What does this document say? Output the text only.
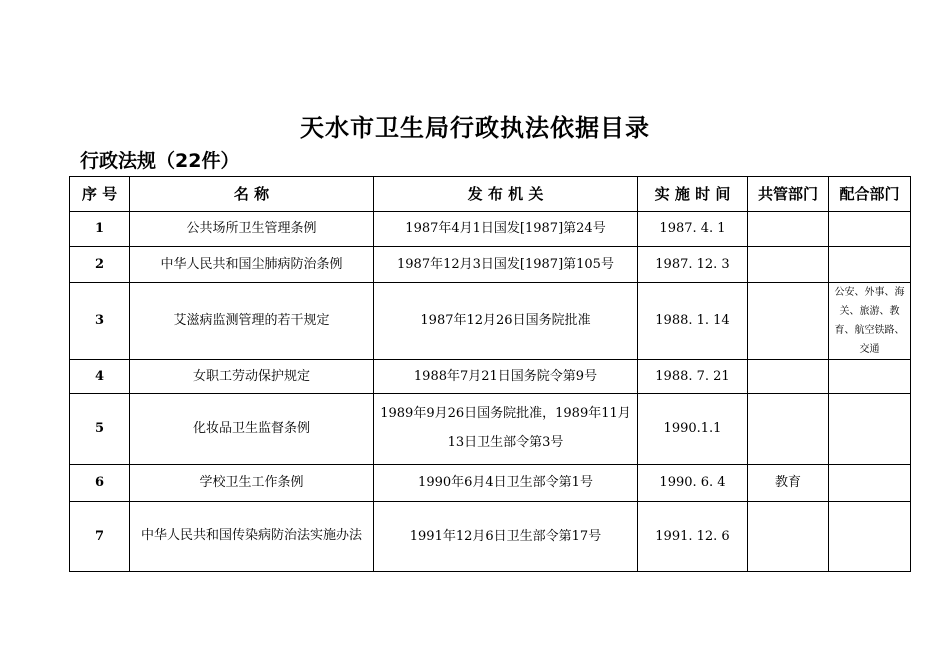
天水市卫生局行政执法依据目录
行政法规（22件）
序 号	名 称	发 布 机 关	实 施 时 间	共管部门	配合部门
1	公共场所卫生管理条例	1987年4月1日国发[1987]第24号	1987. 4. 1		
2	中华人民共和国尘肺病防治条例	1987年12月3日国发[1987]第105号	1987. 12. 3		
3	艾滋病监测管理的若干规定	1987年12月26日国务院批准	1988. 1. 14		公安、外事、海关、旅游、教育、航空铁路、交通
4	女职工劳动保护规定	1988年7月21日国务院令第9号	1988. 7. 21		
5	化妆品卫生监督条例	1989年9月26日国务院批准，1989年11月13日卫生部令第3号	1990.1.1		
6	学校卫生工作条例	1990年6月4日卫生部令第1号	1990. 6. 4	教育	
7	中华人民共和国传染病防治法实施办法	1991年12月6日卫生部令第17号	1991. 12. 6		
